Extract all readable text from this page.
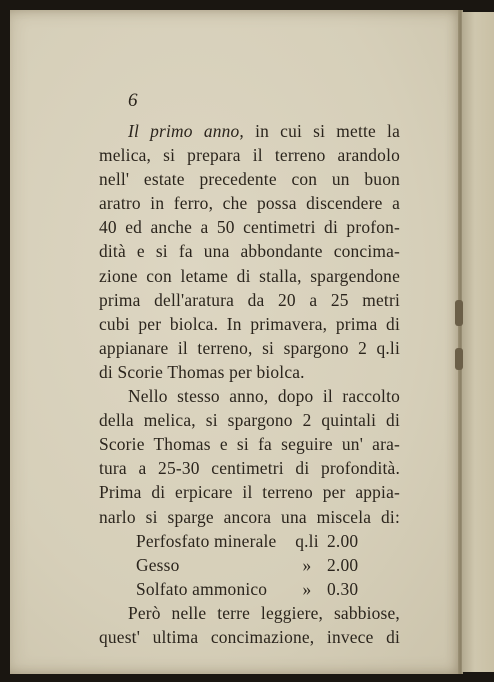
6
Il primo anno, in cui si mette la
melica, si prepara il terreno arandolo
nell' estate precedente con un buon
aratro in ferro, che possa discendere a
40 ed anche a 50 centimetri di profon-
dità e si fa una abbondante concima-
zione con letame di stalla, spargendone
prima dell'aratura da 20 a 25 metri
cubi per biolca. In primavera, prima di
appianare il terreno, si spargono 2 q.li
di Scorie Thomas per biolca.
Nello stesso anno, dopo il raccolto
della melica, si spargono 2 quintali di
Scorie Thomas e si fa seguire un' ara-
tura a 25-30 centimetri di profondità.
Prima di erpicare il terreno per appia-
narlo si sparge ancora una miscela di:
Perfosfato minerale q.li 2.00
Gesso	» 2.00
Solfato ammonico	» 0.30
Però nelle terre leggiere, sabbiose,
quest' ultima concimazione, invece di
